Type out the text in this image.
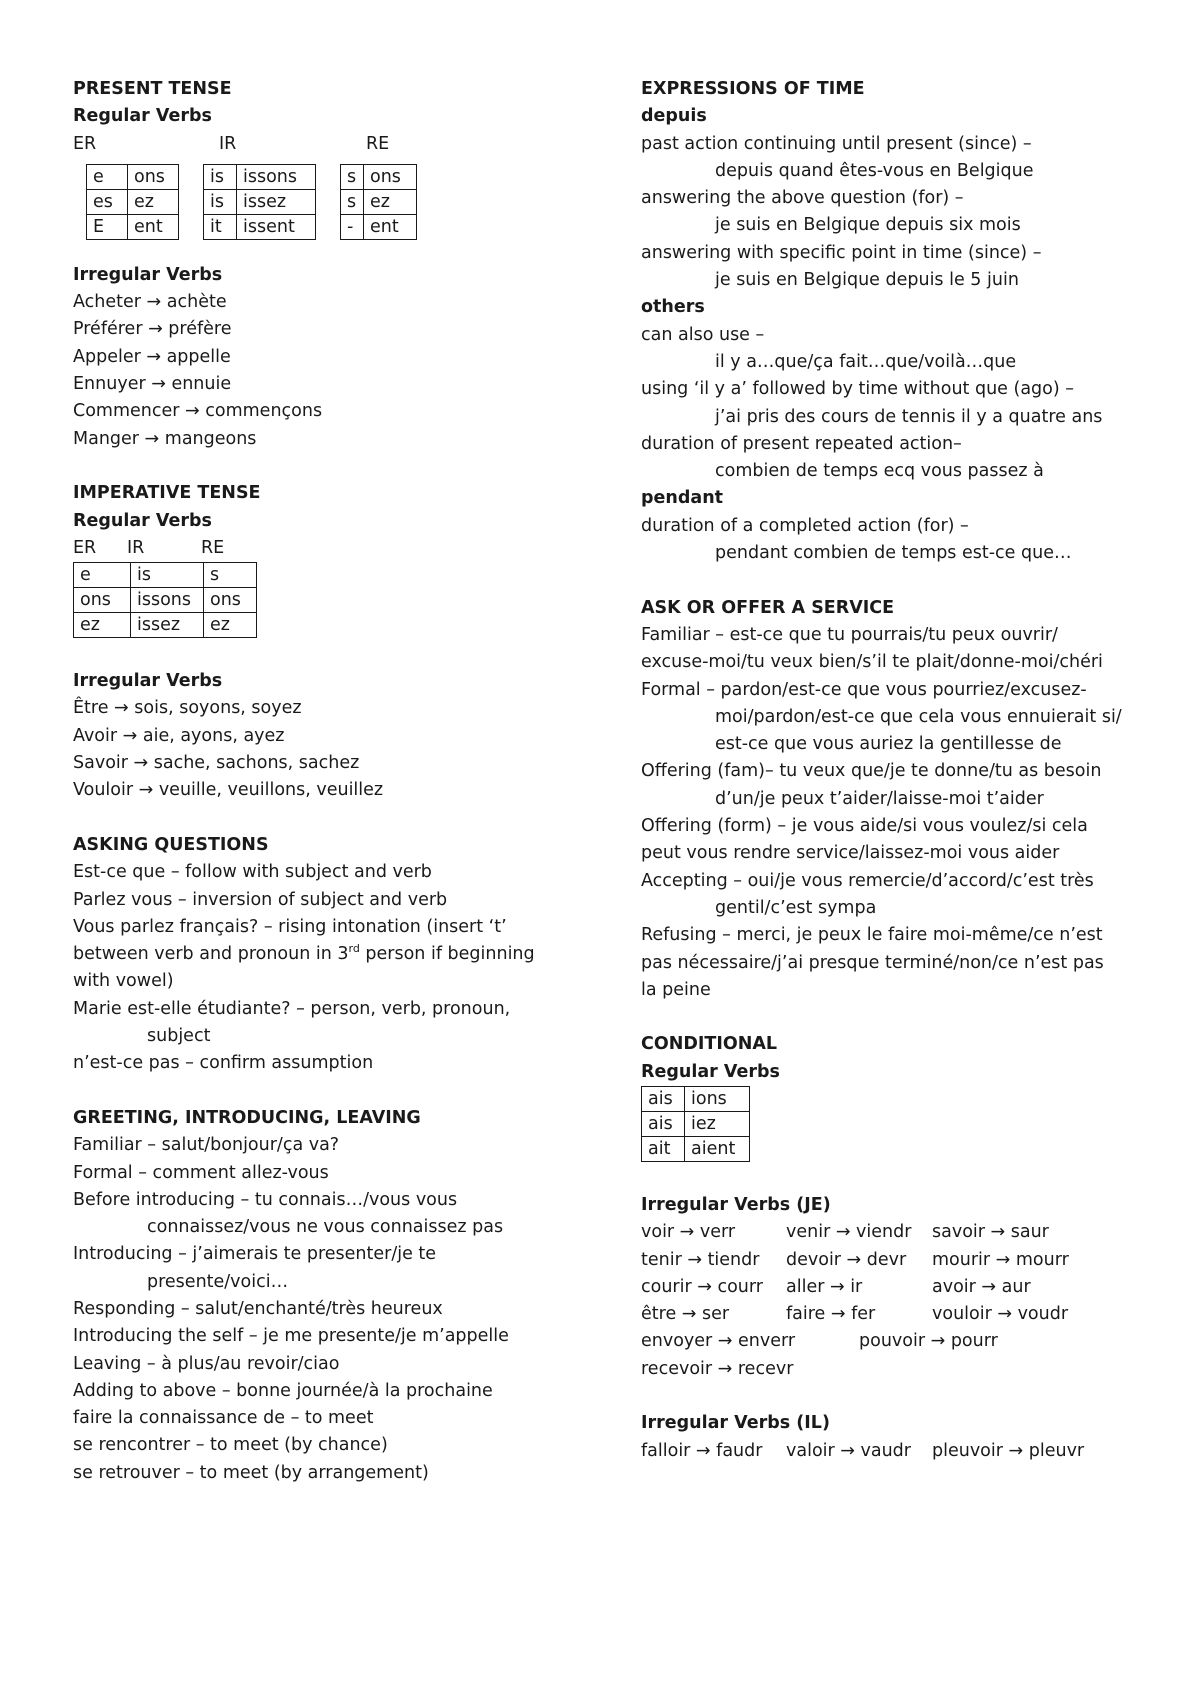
PRESENT TENSE
Regular Verbs
ER	IR	RE
e	ons
es	ez
E	ent
is	issons
is	issez
it	issent
s	ons
s	ez
-	ent
Irregular Verbs
Acheter → achète
Préférer → préfère
Appeler → appelle
Ennuyer → ennuie
Commencer → commençons
Manger → mangeons
IMPERATIVE TENSE
Regular Verbs
ER IR	RE
e	is	s
ons	issons	ons
ez	issez	ez
Irregular Verbs
Être → sois, soyons, soyez
Avoir → aie, ayons, ayez
Savoir → sache, sachons, sachez
Vouloir → veuille, veuillons, veuillez
ASKING QUESTIONS
Est-ce que – follow with subject and verb
Parlez vous – inversion of subject and verb
Vous parlez français? – rising intonation (insert ‘t’
between verb and pronoun in 3rd person if beginning
with vowel)
Marie est-elle étudiante? – person, verb, pronoun,
subject
n’est-ce pas – confirm assumption
GREETING, INTRODUCING, LEAVING
Familiar – salut/bonjour/ça va?
Formal – comment allez-vous
Before introducing – tu connais…/vous vous
connaissez/vous ne vous connaissez pas
Introducing – j’aimerais te presenter/je te
presente/voici…
Responding – salut/enchanté/très heureux
Introducing the self – je me presente/je m’appelle
Leaving – à plus/au revoir/ciao
Adding to above – bonne journée/à la prochaine
faire la connaissance de – to meet
se rencontrer – to meet (by chance)
se retrouver – to meet (by arrangement)
EXPRESSIONS OF TIME
depuis
past action continuing until present (since) –
depuis quand êtes-vous en Belgique
answering the above question (for) –
je suis en Belgique depuis six mois
answering with specific point in time (since) –
je suis en Belgique depuis le 5 juin
others
can also use –
il y a…que/ça fait…que/voilà…que
using ‘il y a’ followed by time without que (ago) –
j’ai pris des cours de tennis il y a quatre ans
duration of present repeated action–
combien de temps ecq vous passez à
pendant
duration of a completed action (for) –
pendant combien de temps est-ce que…
ASK OR OFFER A SERVICE
Familiar – est-ce que tu pourrais/tu peux ouvrir/
excuse-moi/tu veux bien/s’il te plait/donne-moi/chéri
Formal – pardon/est-ce que vous pourriez/excusez-
moi/pardon/est-ce que cela vous ennuierait si/
est-ce que vous auriez la gentillesse de
Offering (fam)– tu veux que/je te donne/tu as besoin
d’un/je peux t’aider/laisse-moi t’aider
Offering (form) – je vous aide/si vous voulez/si cela
peut vous rendre service/laissez-moi vous aider
Accepting – oui/je vous remercie/d’accord/c’est très
gentil/c’est sympa
Refusing – merci, je peux le faire moi-même/ce n’est
pas nécessaire/j’ai presque terminé/non/ce n’est pas
la peine
CONDITIONAL
Regular Verbs
ais	ions
ais	iez
ait	aient
Irregular Verbs (JE)
voir → verr	venir → viendr	savoir → saur
tenir → tiendr	devoir → devr	mourir → mourr
courir → courr	aller → ir	avoir → aur
être → ser	faire → fer	vouloir → voudr
envoyer → enverr	pouvoir → pourr
recevoir → recevr
Irregular Verbs (IL)
falloir → faudr	valoir → vaudr	pleuvoir → pleuvr
